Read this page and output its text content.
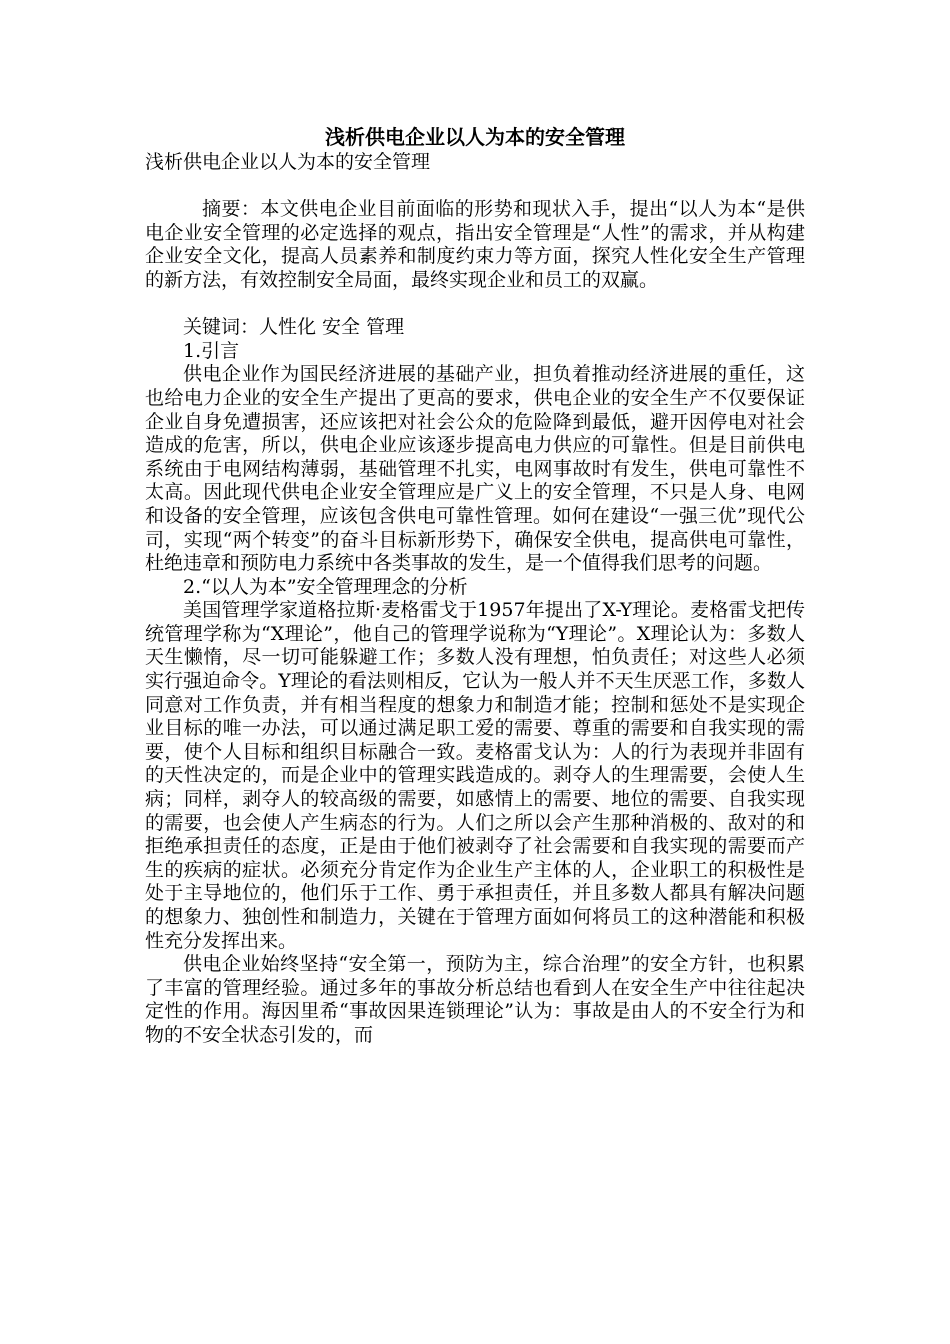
浅析供电企业以人为本的安全管理

浅析供电企业以人为本的安全管理

摘要：本文供电企业目前面临的形势和现状入手，提出“以人为本“是供电企业安全管理的必定选择的观点，指出安全管理是“人性”的需求，并从构建企业安全文化，提高人员素养和制度约束力等方面，探究人性化安全生产管理的新方法，有效控制安全局面，最终实现企业和员工的双赢。

关键词：人性化 安全 管理

1.引言

供电企业作为国民经济进展的基础产业，担负着推动经济进展的重任，这也给电力企业的安全生产提出了更高的要求，供电企业的安全生产不仅要保证企业自身免遭损害，还应该把对社会公众的危险降到最低，避开因停电对社会造成的危害，所以，供电企业应该逐步提高电力供应的可靠性。但是目前供电系统由于电网结构薄弱，基础管理不扎实，电网事故时有发生，供电可靠性不太高。因此现代供电企业安全管理应是广义上的安全管理，不只是人身、电网和设备的安全管理，应该包含供电可靠性管理。如何在建设“一强三优”现代公司，实现“两个转变”的奋斗目标新形势下，确保安全供电，提高供电可靠性，杜绝违章和预防电力系统中各类事故的发生，是一个值得我们思考的问题。

2.“以人为本”安全管理理念的分析

美国管理学家道格拉斯·麦格雷戈于1957年提出了X-Y理论。麦格雷戈把传统管理学称为“X理论”，他自己的管理学说称为“Y理论”。X理论认为：多数人天生懒惰，尽一切可能躲避工作；多数人没有理想，怕负责任；对这些人必须实行强迫命令。Y理论的看法则相反，它认为一般人并不天生厌恶工作，多数人同意对工作负责，并有相当程度的想象力和制造才能；控制和惩处不是实现企业目标的唯一办法，可以通过满足职工爱的需要、尊重的需要和自我实现的需要，使个人目标和组织目标融合一致。麦格雷戈认为：人的行为表现并非固有的天性决定的，而是企业中的管理实践造成的。剥夺人的生理需要，会使人生病；同样，剥夺人的较高级的需要，如感情上的需要、地位的需要、自我实现的需要，也会使人产生病态的行为。人们之所以会产生那种消极的、敌对的和拒绝承担责任的态度，正是由于他们被剥夺了社会需要和自我实现的需要而产生的疾病的症状。必须充分肯定作为企业生产主体的人，企业职工的积极性是处于主导地位的，他们乐于工作、勇于承担责任，并且多数人都具有解决问题的想象力、独创性和制造力，关键在于管理方面如何将员工的这种潜能和积极性充分发挥出来。

供电企业始终坚持“安全第一，预防为主，综合治理”的安全方针，也积累了丰富的管理经验。通过多年的事故分析总结也看到人在安全生产中往往起决定性的作用。海因里希“事故因果连锁理论”认为：事故是由人的不安全行为和物的不安全状态引发的，而
